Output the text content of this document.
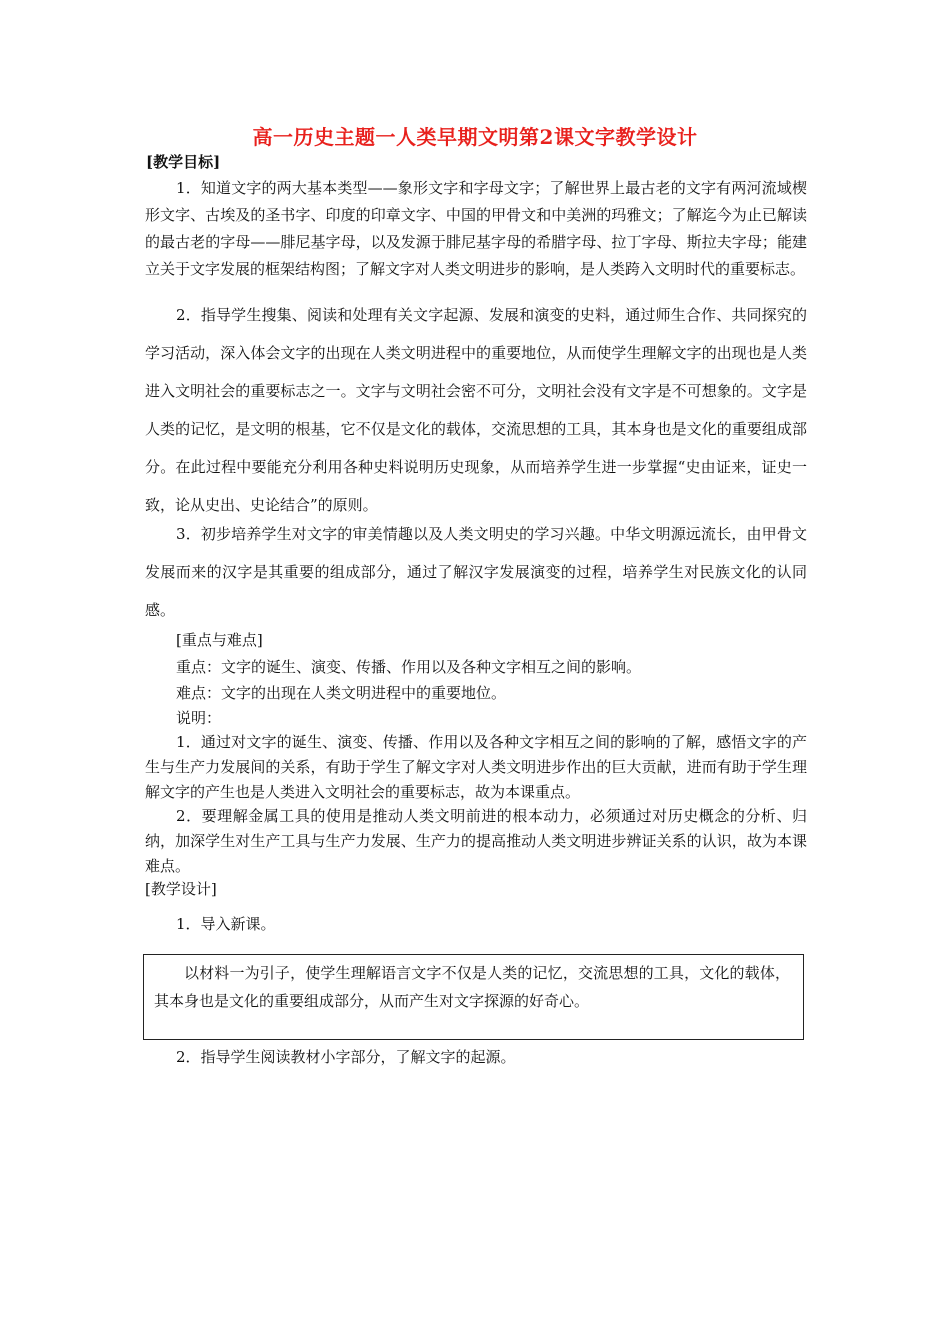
高一历史主题一人类早期文明第2课文字教学设计
[教学目标]
1．知道文字的两大基本类型——象形文字和字母文字；了解世界上最古老的文字有两河流域楔形文字、古埃及的圣书字、印度的印章文字、中国的甲骨文和中美洲的玛雅文；了解迄今为止已解读的最古老的字母——腓尼基字母，以及发源于腓尼基字母的希腊字母、拉丁字母、斯拉夫字母；能建立关于文字发展的框架结构图；了解文字对人类文明进步的影响，是人类跨入文明时代的重要标志。
2．指导学生搜集、阅读和处理有关文字起源、发展和演变的史料，通过师生合作、共同探究的学习活动，深入体会文字的出现在人类文明进程中的重要地位，从而使学生理解文字的出现也是人类进入文明社会的重要标志之一。文字与文明社会密不可分，文明社会没有文字是不可想象的。文字是人类的记忆，是文明的根基，它不仅是文化的载体，交流思想的工具，其本身也是文化的重要组成部分。在此过程中要能充分利用各种史料说明历史现象，从而培养学生进一步掌握“史由证来，证史一致，论从史出、史论结合”的原则。
3．初步培养学生对文字的审美情趣以及人类文明史的学习兴趣。中华文明源远流长，由甲骨文发展而来的汉字是其重要的组成部分，通过了解汉字发展演变的过程，培养学生对民族文化的认同感。
[重点与难点]
重点：文字的诞生、演变、传播、作用以及各种文字相互之间的影响。
难点：文字的出现在人类文明进程中的重要地位。
说明：
1．通过对文字的诞生、演变、传播、作用以及各种文字相互之间的影响的了解，感悟文字的产生与生产力发展间的关系，有助于学生了解文字对人类文明进步作出的巨大贡献，进而有助于学生理解文字的产生也是人类进入文明社会的重要标志，故为本课重点。
2．要理解金属工具的使用是推动人类文明前进的根本动力，必须通过对历史概念的分析、归纳，加深学生对生产工具与生产力发展、生产力的提高推动人类文明进步辨证关系的认识，故为本课难点。
[教学设计]
1．导入新课。
以材料一为引子，使学生理解语言文字不仅是人类的记忆，交流思想的工具，文化的载体，其本身也是文化的重要组成部分，从而产生对文字探源的好奇心。
2．指导学生阅读教材小字部分，了解文字的起源。
